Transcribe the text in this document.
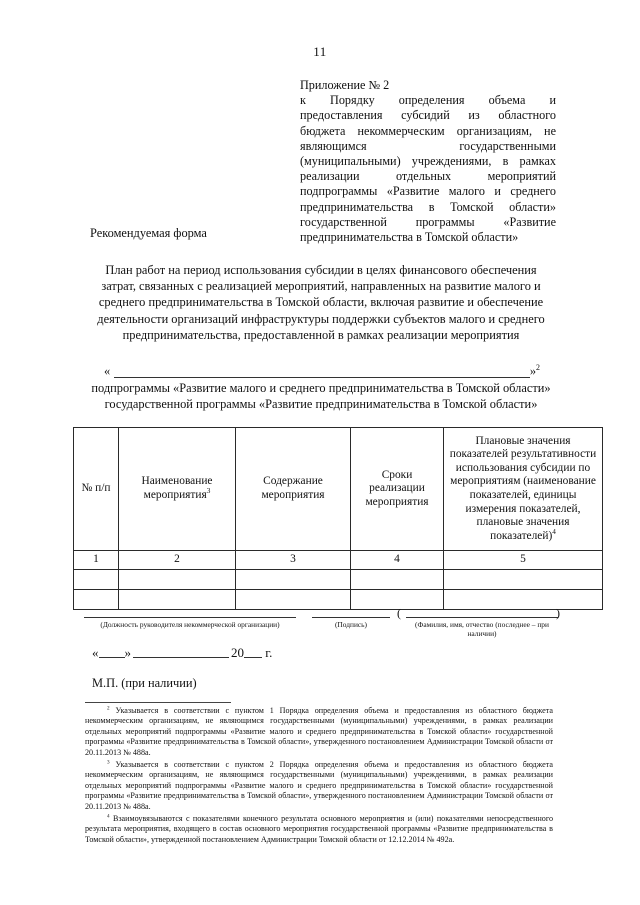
11
Приложение № 2
к Порядку определения объема и предоставления субсидий из областного бюджета некоммерческим организациям, не являющимся государственными (муниципальными) учреждениями, в рамках реализации отдельных мероприятий подпрограммы «Развитие малого и среднего предпринимательства в Томской области» государственной программы «Развитие предпринимательства в Томской области»
Рекомендуемая форма
План работ на период использования субсидии в целях финансового обеспечения затрат, связанных с реализацией мероприятий, направленных на развитие малого и среднего предпринимательства в Томской области, включая развитие и обеспечение деятельности организаций инфраструктуры поддержки субъектов малого и среднего предпринимательства, предоставленной в рамках реализации мероприятия
«	»$^2$
подпрограммы «Развитие малого и среднего предпринимательства в Томской области»
государственной программы «Развитие предпринимательства в Томской области»
№ п/п	Наименование мероприятия$^3$	Содержание мероприятия	Сроки реализации мероприятия	Плановые значения показателей результативности использования субсидии по мероприятиям (наименование показателей, единицы измерения показателей, плановые значения показателей)$^4$
1	2	3	4	5

(	)
(Должность руководителя некоммерческой организации)	(Подпись)	(Фамилия, имя, отчество (последнее – при наличии)
« »	20 г.
М.П. (при наличии)
$^2$ Указывается в соответствии с пунктом 1 Порядка определения объема и предоставления из областного бюджета некоммерческим организациям, не являющимся государственными (муниципальными) учреждениями, в рамках реализации отдельных мероприятий подпрограммы «Развитие малого и среднего предпринимательства в Томской области» государственной программы «Развитие предпринимательства в Томской области», утвержденного постановлением Администрации Томской области от 20.11.2013 № 488а.
$^3$ Указывается в соответствии с пунктом 2 Порядка определения объема и предоставления из областного бюджета некоммерческим организациям, не являющимся государственными (муниципальными) учреждениями, в рамках реализации отдельных мероприятий подпрограммы «Развитие малого и среднего предпринимательства в Томской области» государственной программы «Развитие предпринимательства в Томской области», утвержденного постановлением Администрации Томской области от 20.11.2013 № 488а.
$^4$ Взаимоувязываются с показателями конечного результата основного мероприятия и (или) показателями непосредственного результата мероприятия, входящего в состав основного мероприятия государственной программы «Развитие предпринимательства в Томской области», утвержденной постановлением Администрации Томской области от 12.12.2014 № 492а.
